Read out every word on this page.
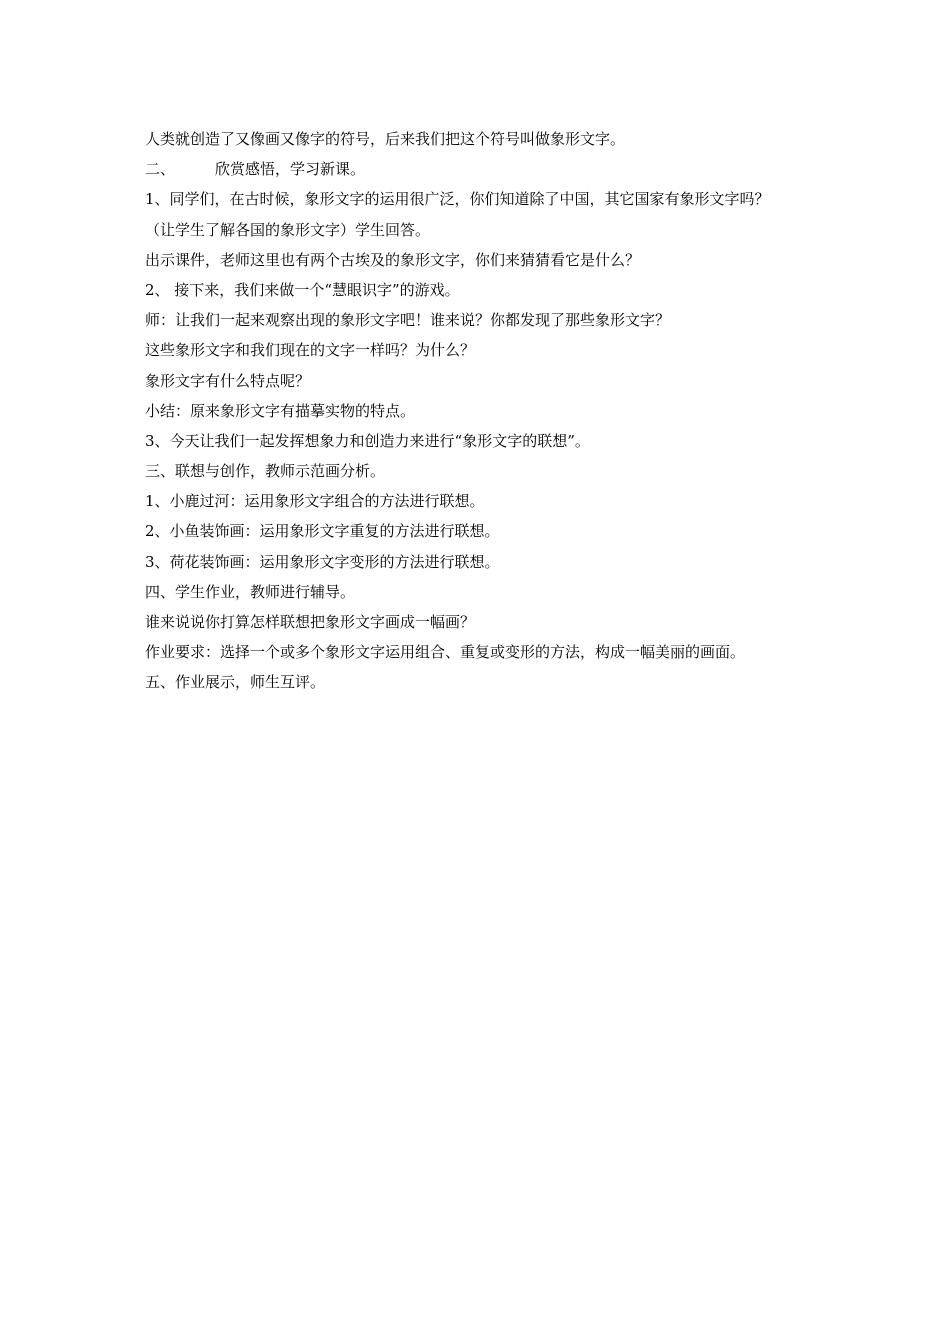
人类就创造了又像画又像字的符号，后来我们把这个符号叫做象形文字。
二、	欣赏感悟，学习新课。
1、同学们，在古时候，象形文字的运用很广泛，你们知道除了中国，其它国家有象形文字吗？
（让学生了解各国的象形文字）学生回答。
出示课件，老师这里也有两个古埃及的象形文字，你们来猜猜看它是什么？
2、 接下来，我们来做一个“慧眼识字”的游戏。
师：让我们一起来观察出现的象形文字吧！谁来说？你都发现了那些象形文字？
这些象形文字和我们现在的文字一样吗？为什么？
象形文字有什么特点呢？
小结：原来象形文字有描摹实物的特点。
3、今天让我们一起发挥想象力和创造力来进行“象形文字的联想”。
三、联想与创作，教师示范画分析。
1、小鹿过河：运用象形文字组合的方法进行联想。
2、小鱼装饰画：运用象形文字重复的方法进行联想。
3、荷花装饰画：运用象形文字变形的方法进行联想。
四、学生作业，教师进行辅导。
谁来说说你打算怎样联想把象形文字画成一幅画？
作业要求：选择一个或多个象形文字运用组合、重复或变形的方法，构成一幅美丽的画面。
五、作业展示，师生互评。
